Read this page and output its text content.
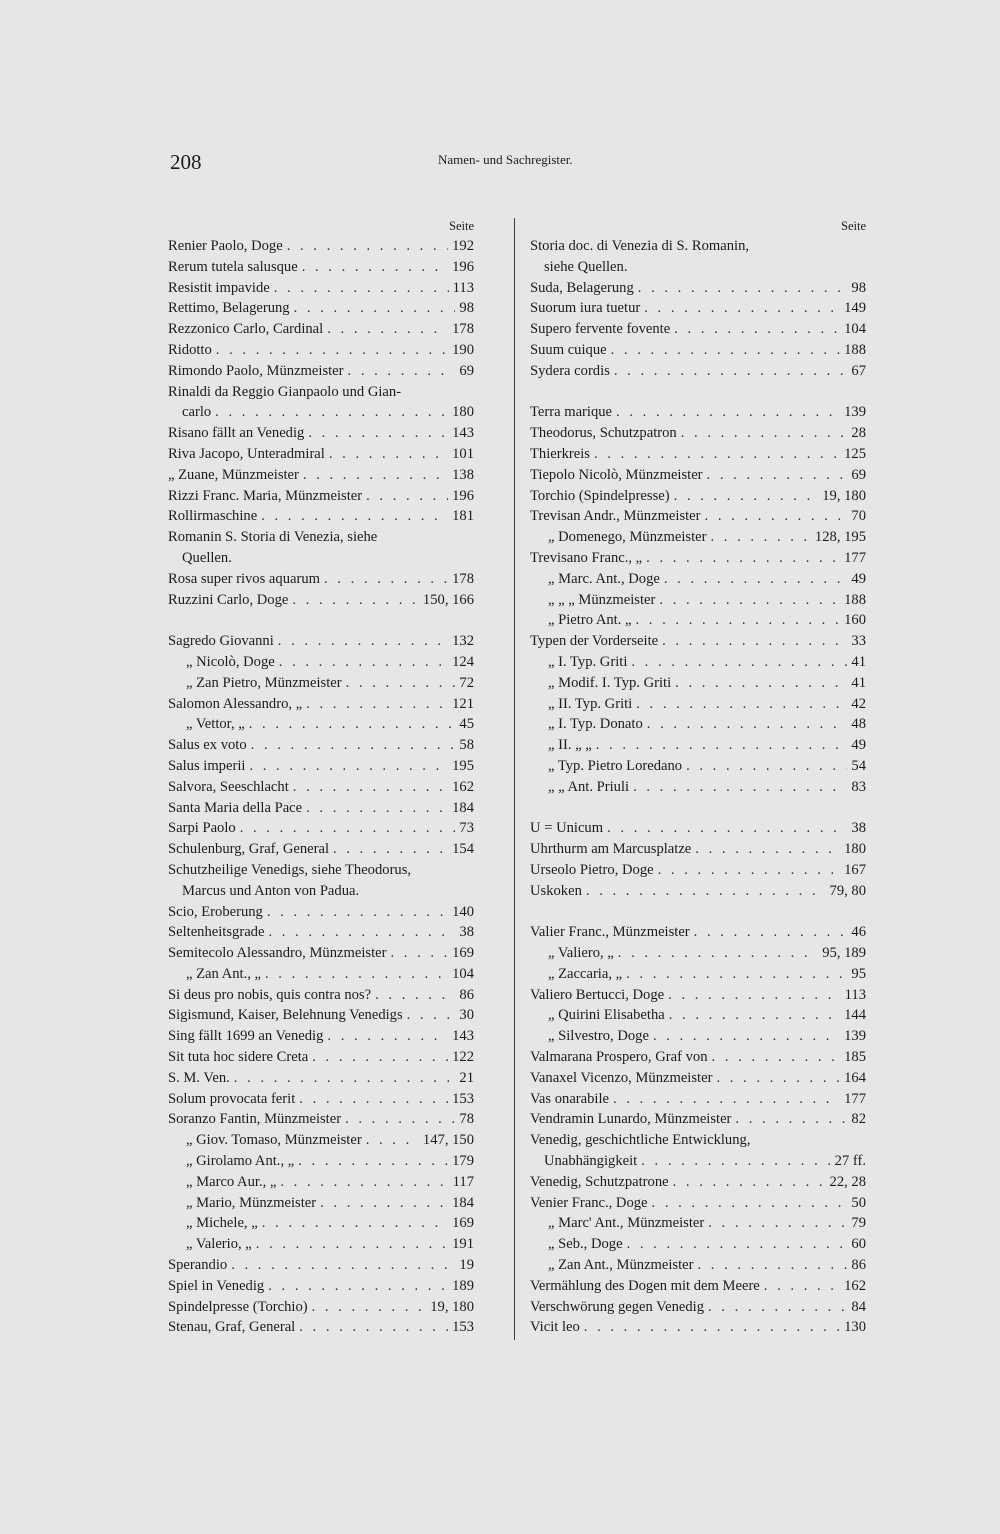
208	Namen- und Sachregister.
Seite
Renier Paolo, Doge . . .	192
Rerum tutela salusque . . .	196
Resistit impavide . . .	113
Rettimo, Belagerung . . .	98
Rezzonico Carlo, Cardinal . . .	178
Ridotto . . .	190
Rimondo Paolo, Münzmeister . . .	69
Rinaldi da Reggio Gianpaolo und Gian-
carlo . . .	180
Risano fällt an Venedig . . .	143
Riva Jacopo, Unteradmiral . . .	101
„ Zuane, Münzmeister . . .	138
Rizzi Franc. Maria, Münzmeister . . .	196
Rollirmaschine . . .	181
Romanin S. Storia di Venezia, siehe
Quellen.
Rosa super rivos aquarum . . .	178
Ruzzini Carlo, Doge . . .	150, 166
Sagredo Giovanni . . .	132
„ Nicolò, Doge . . .	124
„ Zan Pietro, Münzmeister . . .	72
Salomon Alessandro, „ . . .	121
„ Vettor, „ . . .	45
Salus ex voto . . .	58
Salus imperii . . .	195
Salvora, Seeschlacht . . .	162
Santa Maria della Pace . . .	184
Sarpi Paolo . . .	73
Schulenburg, Graf, General . . .	154
Schutzheilige Venedigs, siehe Theodorus,
Marcus und Anton von Padua.
Scio, Eroberung . . .	140
Seltenheitsgrade . . .	38
Semitecolo Alessandro, Münzmeister . . .	169
„ Zan Ant., „ . . .	104
Si deus pro nobis, quis contra nos? . . .	86
Sigismund, Kaiser, Belehnung Venedigs . . .	30
Sing fällt 1699 an Venedig . . .	143
Sit tuta hoc sidere Creta . . .	122
S. M. Ven. . . .	21
Solum provocata ferit . . .	153
Soranzo Fantin, Münzmeister . . .	78
„ Giov. Tomaso, Münzmeister . . .	147, 150
„ Girolamo Ant., „ . . .	179
„ Marco Aur., „ . . .	117
„ Mario, Münzmeister . . .	184
„ Michele, „ . . .	169
„ Valerio, „ . . .	191
Sperandio . . .	19
Spiel in Venedig . . .	189
Spindelpresse (Torchio) . . .	19, 180
Stenau, Graf, General . . .	153
Seite
Storia doc. di Venezia di S. Romanin,
siehe Quellen.
Suda, Belagerung . . .	98
Suorum iura tuetur . . .	149
Supero fervente fovente . . .	104
Suum cuique . . .	188
Sydera cordis . . .	67
Terra marique . . .	139
Theodorus, Schutzpatron . . .	28
Thierkreis . . .	125
Tiepolo Nicolò, Münzmeister . . .	69
Torchio (Spindelpresse) . . .	19, 180
Trevisan Andr., Münzmeister . . .	70
„ Domenego, Münzmeister . . .	128, 195
Trevisano Franc., „ . . .	177
„ Marc. Ant., Doge . . .	49
„ „ „ Münzmeister . . .	188
„ Pietro Ant. „ . . .	160
Typen der Vorderseite . . .	33
„ I. Typ. Griti . . .	41
„ Modif. I. Typ. Griti . . .	41
„ II. Typ. Griti . . .	42
„ I. Typ. Donato . . .	48
„ II. „ „ . . .	49
„ Typ. Pietro Loredano . . .	54
„ „ Ant. Priuli . . .	83
U = Unicum . . .	38
Uhrthurm am Marcusplatze . . .	180
Urseolo Pietro, Doge . . .	167
Uskoken . . .	79, 80
Valier Franc., Münzmeister . . .	46
„ Valiero, „ . . .	95, 189
„ Zaccaria, „ . . .	95
Valiero Bertucci, Doge . . .	113
„ Quirini Elisabetha . . .	144
„ Silvestro, Doge . . .	139
Valmarana Prospero, Graf von . . .	185
Vanaxel Vicenzo, Münzmeister . . .	164
Vas onarabile . . .	177
Vendramin Lunardo, Münzmeister . . .	82
Venedig, geschichtliche Entwicklung,
Unabhängigkeit . . .	27 ff.
Venedig, Schutzpatrone . . .	22, 28
Venier Franc., Doge . . .	50
„ Marc' Ant., Münzmeister . . .	79
„ Seb., Doge . . .	60
„ Zan Ant., Münzmeister . . .	86
Vermählung des Dogen mit dem Meere . . .	162
Verschwörung gegen Venedig . . .	84
Vicit leo . . .	130
